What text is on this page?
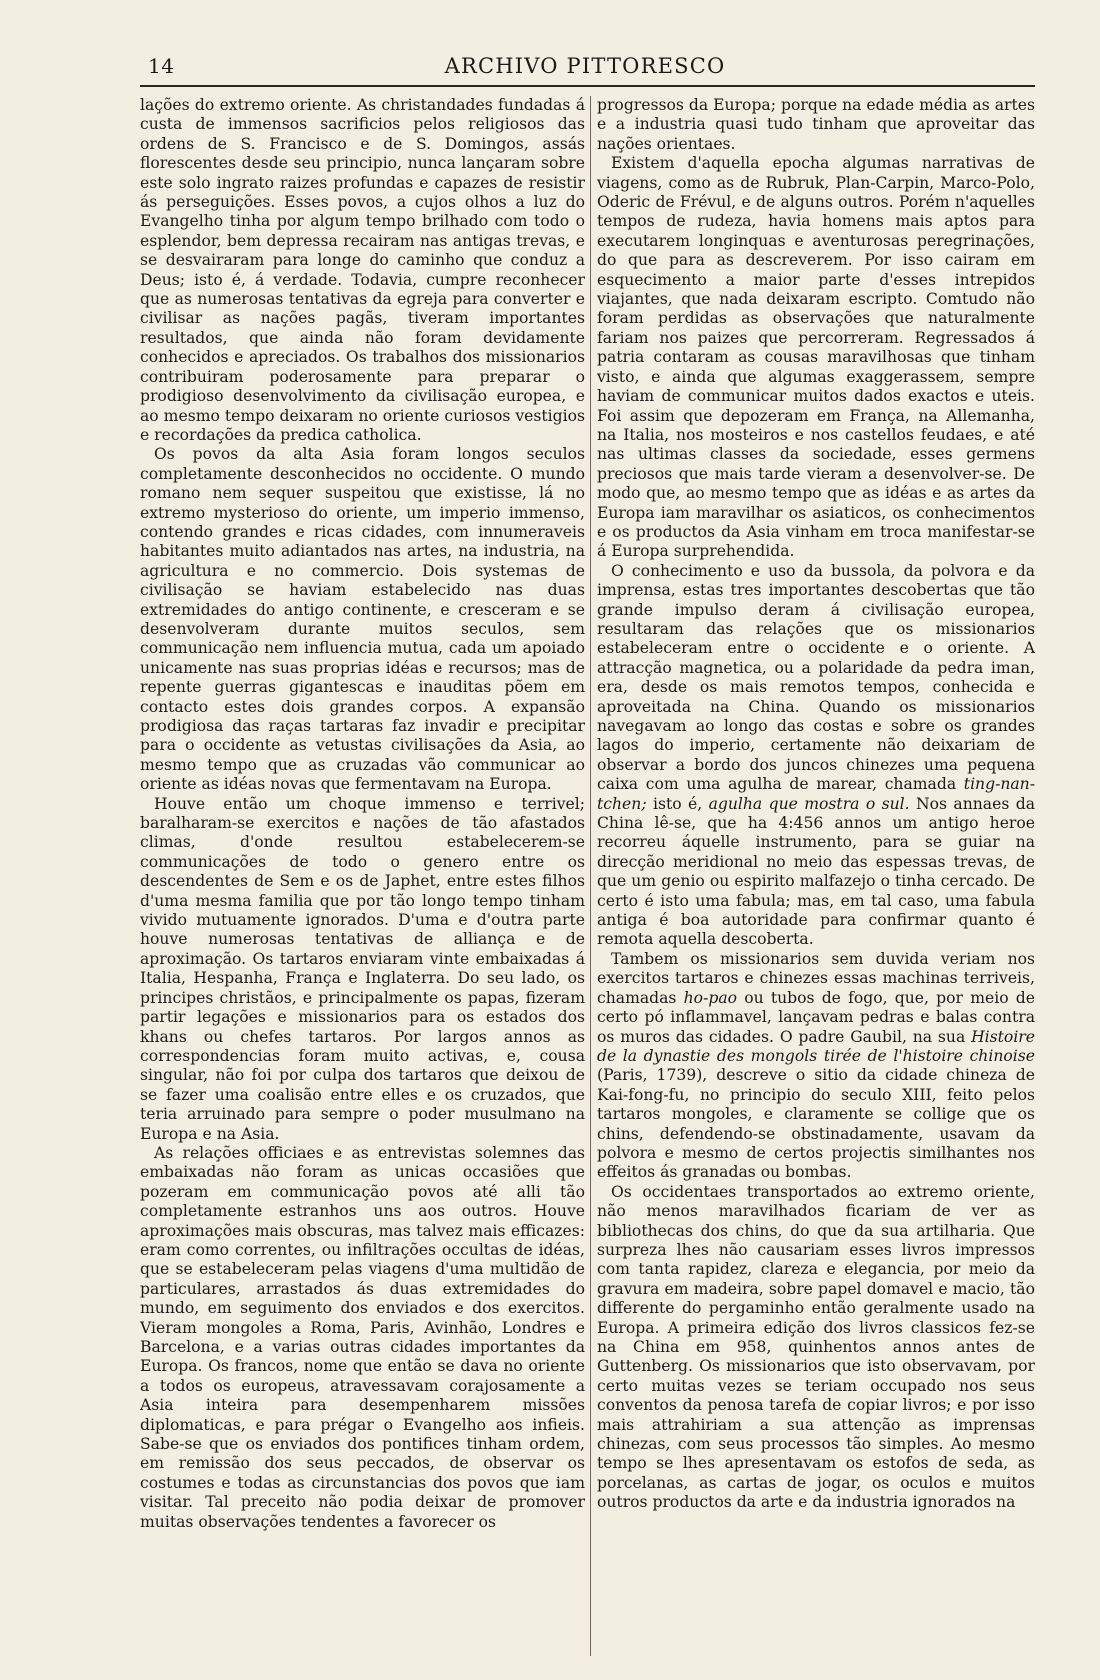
14	ARCHIVO PITTORESCO

lações do extremo oriente. As christandades fundadas á custa de immensos sacrificios pelos religiosos das ordens de S. Francisco e de S. Domingos, assás florescentes desde seu principio, nunca lançaram sobre este solo ingrato raizes profundas e capazes de resistir ás perseguições. Esses povos, a cujos olhos a luz do Evangelho tinha por algum tempo brilhado com todo o esplendor, bem depressa recairam nas antigas trevas, e se desvairaram para longe do caminho que conduz a Deus; isto é, á verdade. Todavia, cumpre reconhecer que as numerosas tentativas da egreja para converter e civilisar as nações pagãs, tiveram importantes resultados, que ainda não foram devidamente conhecidos e apreciados. Os trabalhos dos missionarios contribuiram poderosamente para preparar o prodigioso desenvolvimento da civilisação europea, e ao mesmo tempo deixaram no oriente curiosos vestigios e recordações da predica catholica.

Os povos da alta Asia foram longos seculos completamente desconhecidos no occidente. O mundo romano nem sequer suspeitou que existisse, lá no extremo mysterioso do oriente, um imperio immenso, contendo grandes e ricas cidades, com innumeraveis habitantes muito adiantados nas artes, na industria, na agricultura e no commercio. Dois systemas de civilisação se haviam estabelecido nas duas extremidades do antigo continente, e cresceram e se desenvolveram durante muitos seculos, sem communicação nem influencia mutua, cada um apoiado unicamente nas suas proprias idéas e recursos; mas de repente guerras gigantescas e inauditas põem em contacto estes dois grandes corpos. A expansão prodigiosa das raças tartaras faz invadir e precipitar para o occidente as vetustas civilisações da Asia, ao mesmo tempo que as cruzadas vão communicar ao oriente as idéas novas que fermentavam na Europa.

Houve então um choque immenso e terrivel; baralharam-se exercitos e nações de tão afastados climas, d'onde resultou estabelecerem-se communicações de todo o genero entre os descendentes de Sem e os de Japhet, entre estes filhos d'uma mesma familia que por tão longo tempo tinham vivido mutuamente ignorados. D'uma e d'outra parte houve numerosas tentativas de alliança e de aproximação. Os tartaros enviaram vinte embaixadas á Italia, Hespanha, França e Inglaterra. Do seu lado, os principes christãos, e principalmente os papas, fizeram partir legações e missionarios para os estados dos khans ou chefes tartaros. Por largos annos as correspondencias foram muito activas, e, cousa singular, não foi por culpa dos tartaros que deixou de se fazer uma coalisão entre elles e os cruzados, que teria arruinado para sempre o poder musulmano na Europa e na Asia.

As relações officiaes e as entrevistas solemnes das embaixadas não foram as unicas occasiões que pozeram em communicação povos até alli tão completamente estranhos uns aos outros. Houve aproximações mais obscuras, mas talvez mais efficazes: eram como correntes, ou infiltrações occultas de idéas, que se estabeleceram pelas viagens d'uma multidão de particulares, arrastados ás duas extremidades do mundo, em seguimento dos enviados e dos exercitos. Vieram mongoles a Roma, Paris, Avinhão, Londres e Barcelona, e a varias outras cidades importantes da Europa. Os francos, nome que então se dava no oriente a todos os europeus, atravessavam corajosamente a Asia inteira para desempenharem missões diplomaticas, e para prégar o Evangelho aos infieis. Sabe-se que os enviados dos pontifices tinham ordem, em remissão dos seus peccados, de observar os costumes e todas as circunstancias dos povos que iam visitar. Tal preceito não podia deixar de promover muitas observações tendentes a favorecer os

progressos da Europa; porque na edade média as artes e a industria quasi tudo tinham que aproveitar das nações orientaes.

Existem d'aquella epocha algumas narrativas de viagens, como as de Rubruk, Plan-Carpin, Marco-Polo, Oderic de Frévul, e de alguns outros. Porém n'aquelles tempos de rudeza, havia homens mais aptos para executarem longinquas e aventurosas peregrinações, do que para as descreverem. Por isso cairam em esquecimento a maior parte d'esses intrepidos viajantes, que nada deixaram escripto. Comtudo não foram perdidas as observações que naturalmente fariam nos paizes que percorreram. Regressados á patria contaram as cousas maravilhosas que tinham visto, e ainda que algumas exaggerassem, sempre haviam de communicar muitos dados exactos e uteis. Foi assim que depozeram em França, na Allemanha, na Italia, nos mosteiros e nos castellos feudaes, e até nas ultimas classes da sociedade, esses germens preciosos que mais tarde vieram a desenvolver-se. De modo que, ao mesmo tempo que as idéas e as artes da Europa iam maravilhar os asiaticos, os conhecimentos e os productos da Asia vinham em troca manifestar-se á Europa surprehendida.

O conhecimento e uso da bussola, da polvora e da imprensa, estas tres importantes descobertas que tão grande impulso deram á civilisação europea, resultaram das relações que os missionarios estabeleceram entre o occidente e o oriente. A attracção magnetica, ou a polaridade da pedra iman, era, desde os mais remotos tempos, conhecida e aproveitada na China. Quando os missionarios navegavam ao longo das costas e sobre os grandes lagos do imperio, certamente não deixariam de observar a bordo dos juncos chinezes uma pequena caixa com uma agulha de marear, chamada ting-nan-tchen; isto é, agulha que mostra o sul. Nos annaes da China lê-se, que ha 4:456 annos um antigo heroe recorreu áquelle instrumento, para se guiar na direcção meridional no meio das espessas trevas, de que um genio ou espirito malfazejo o tinha cercado. De certo é isto uma fabula; mas, em tal caso, uma fabula antiga é boa autoridade para confirmar quanto é remota aquella descoberta.

Tambem os missionarios sem duvida veriam nos exercitos tartaros e chinezes essas machinas terriveis, chamadas ho-pao ou tubos de fogo, que, por meio de certo pó inflammavel, lançavam pedras e balas contra os muros das cidades. O padre Gaubil, na sua Histoire de la dynastie des mongols tirée de l'histoire chinoise (Paris, 1739), descreve o sitio da cidade chineza de Kai-fong-fu, no principio do seculo XIII, feito pelos tartaros mongoles, e claramente se collige que os chins, defendendo-se obstinadamente, usavam da polvora e mesmo de certos projectis similhantes nos effeitos ás granadas ou bombas.

Os occidentaes transportados ao extremo oriente, não menos maravilhados ficariam de ver as bibliothecas dos chins, do que da sua artilharia. Que surpreza lhes não causariam esses livros impressos com tanta rapidez, clareza e elegancia, por meio da gravura em madeira, sobre papel domavel e macio, tão differente do pergaminho então geralmente usado na Europa. A primeira edição dos livros classicos fez-se na China em 958, quinhentos annos antes de Guttenberg. Os missionarios que isto observavam, por certo muitas vezes se teriam occupado nos seus conventos da penosa tarefa de copiar livros; e por isso mais attrahiriam a sua attenção as imprensas chinezas, com seus processos tão simples. Ao mesmo tempo se lhes apresentavam os estofos de seda, as porcelanas, as cartas de jogar, os oculos e muitos outros productos da arte e da industria ignorados na
